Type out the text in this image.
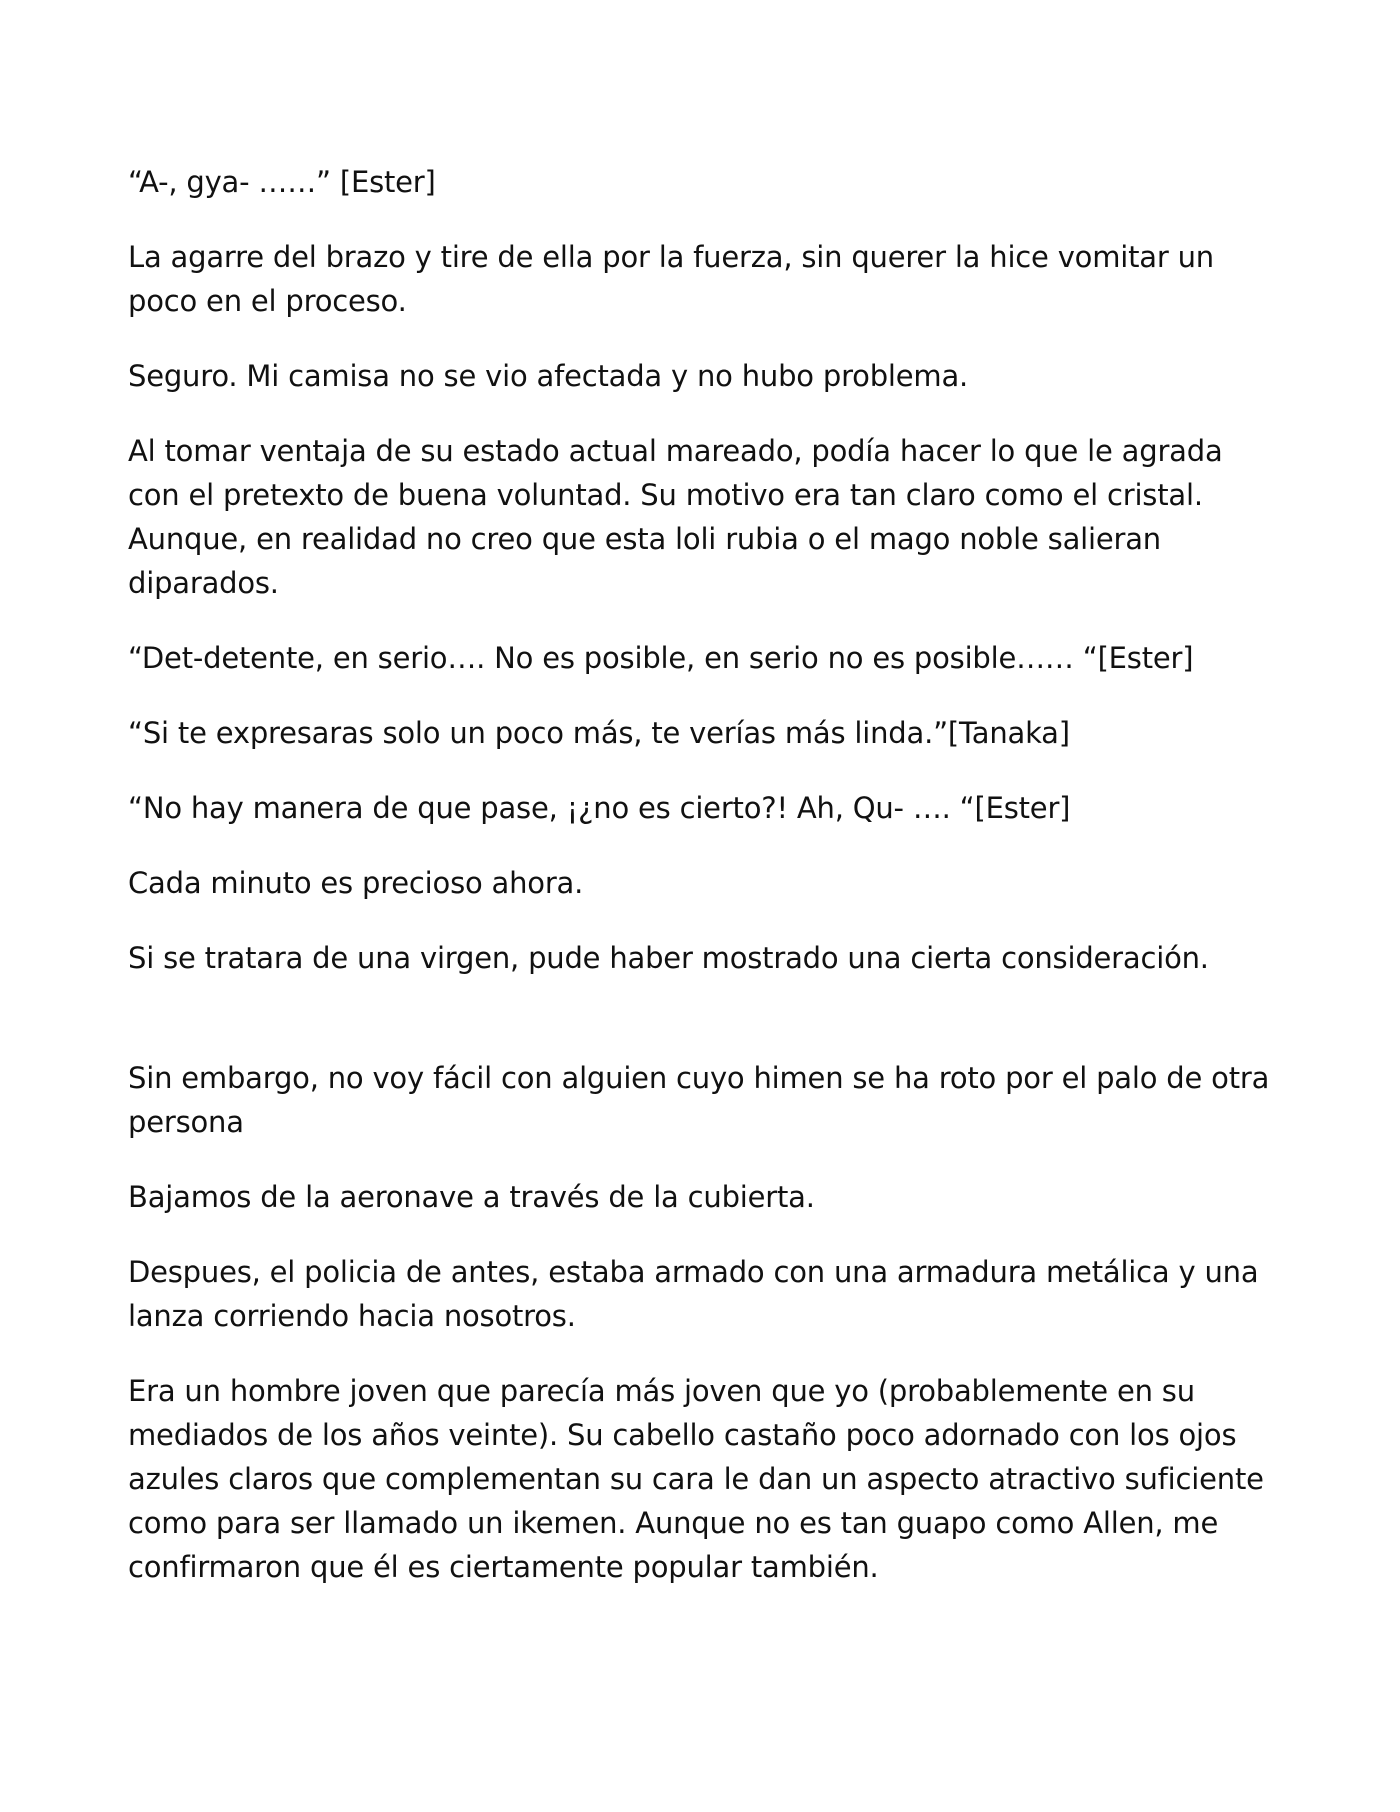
“A-, gya- ……” [Ester]

La agarre del brazo y tire de ella por la fuerza, sin querer la hice vomitar un poco en el proceso.

Seguro. Mi camisa no se vio afectada y no hubo problema.

Al tomar ventaja de su estado actual mareado, podía hacer lo que le agrada con el pretexto de buena voluntad. Su motivo era tan claro como el cristal. Aunque, en realidad no creo que esta loli rubia o el mago noble salieran diparados.

“Det-detente, en serio…. No es posible, en serio no es posible…… “[Ester]

“Si te expresaras solo un poco más, te verías más linda.”[Tanaka]

“No hay manera de que pase, ¡¿no es cierto?! Ah, Qu- …. “[Ester]

Cada minuto es precioso ahora.

Si se tratara de una virgen, pude haber mostrado una cierta consideración.

Sin embargo, no voy fácil con alguien cuyo himen se ha roto por el palo de otra persona

Bajamos de la aeronave a través de la cubierta.

Despues, el policia de antes, estaba armado con una armadura metálica y una lanza corriendo hacia nosotros.

Era un hombre joven que parecía más joven que yo (probablemente en su mediados de los años veinte). Su cabello castaño poco adornado con los ojos azules claros que complementan su cara le dan un aspecto atractivo suficiente como para ser llamado un ikemen. Aunque no es tan guapo como Allen, me confirmaron que él es ciertamente popular también.
